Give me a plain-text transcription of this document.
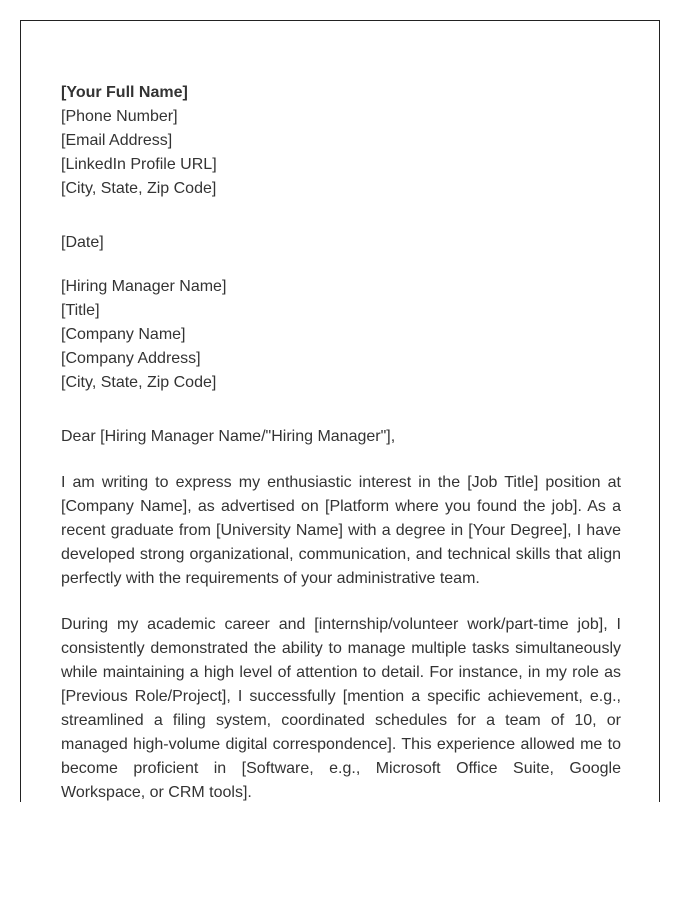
[Your Full Name]
[Phone Number]
[Email Address]
[LinkedIn Profile URL]
[City, State, Zip Code]
[Date]
[Hiring Manager Name]
[Title]
[Company Name]
[Company Address]
[City, State, Zip Code]
Dear [Hiring Manager Name/"Hiring Manager"],

I am writing to express my enthusiastic interest in the [Job Title] position at [Company Name], as advertised on [Platform where you found the job]. As a recent graduate from [University Name] with a degree in [Your Degree], I have developed strong organizational, communication, and technical skills that align perfectly with the requirements of your administrative team.

During my academic career and [internship/volunteer work/part-time job], I consistently demonstrated the ability to manage multiple tasks simultaneously while maintaining a high level of attention to detail. For instance, in my role as [Previous Role/Project], I successfully [mention a specific achievement, e.g., streamlined a filing system, coordinated schedules for a team of 10, or managed high-volume digital correspondence]. This experience allowed me to become proficient in [Software, e.g., Microsoft Office Suite, Google Workspace, or CRM tools].
